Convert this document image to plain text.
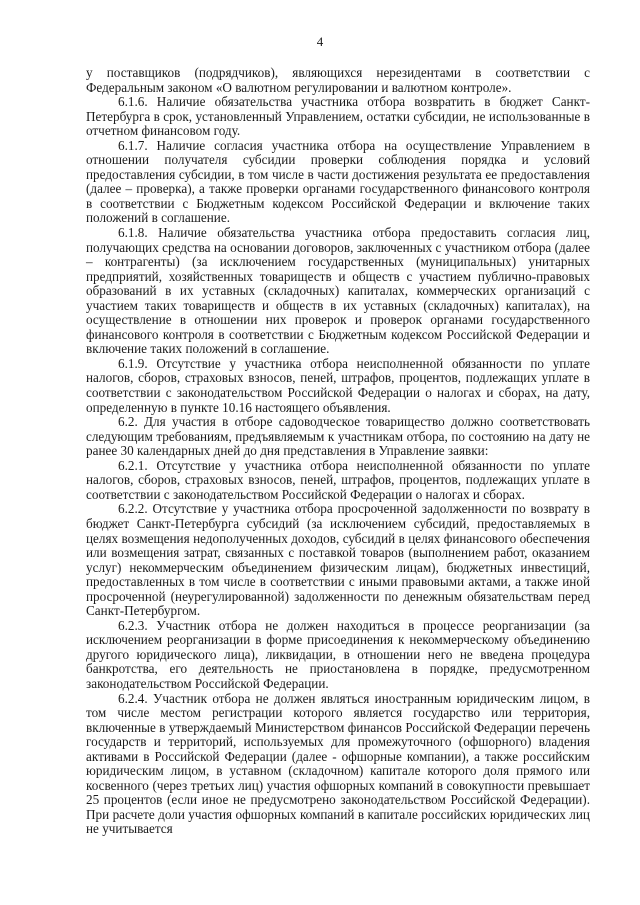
4

у поставщиков (подрядчиков), являющихся нерезидентами в соответствии с Федеральным законом «О валютном регулировании и валютном контроле».

6.1.6. Наличие обязательства участника отбора возвратить в бюджет Санкт-Петербурга в срок, установленный Управлением, остатки субсидии, не использованные в отчетном финансовом году.

6.1.7. Наличие согласия участника отбора на осуществление Управлением в отношении получателя субсидии проверки соблюдения порядка и условий предоставления субсидии, в том числе в части достижения результата ее предоставления (далее – проверка), а также проверки органами государственного финансового контроля в соответствии с Бюджетным кодексом Российской Федерации и включение таких положений в соглашение.

6.1.8. Наличие обязательства участника отбора предоставить согласия лиц, получающих средства на основании договоров, заключенных с участником отбора (далее – контрагенты) (за исключением государственных (муниципальных) унитарных предприятий, хозяйственных товариществ и обществ с участием публично-правовых образований в их уставных (складочных) капиталах, коммерческих организаций с участием таких товариществ и обществ в их уставных (складочных) капиталах), на осуществление в отношении них проверок и проверок органами государственного финансового контроля в соответствии с Бюджетным кодексом Российской Федерации и включение таких положений в соглашение.

6.1.9. Отсутствие у участника отбора неисполненной обязанности по уплате налогов, сборов, страховых взносов, пеней, штрафов, процентов, подлежащих уплате в соответствии с законодательством Российской Федерации о налогах и сборах, на дату, определенную в пункте 10.16 настоящего объявления.

6.2. Для участия в отборе садоводческое товарищество должно соответствовать следующим требованиям, предъявляемым к участникам отбора, по состоянию на дату не ранее 30 календарных дней до дня представления в Управление заявки:

6.2.1. Отсутствие у участника отбора неисполненной обязанности по уплате налогов, сборов, страховых взносов, пеней, штрафов, процентов, подлежащих уплате в соответствии с законодательством Российской Федерации о налогах и сборах.

6.2.2. Отсутствие у участника отбора просроченной задолженности по возврату в бюджет Санкт-Петербурга субсидий (за исключением субсидий, предоставляемых в целях возмещения недополученных доходов, субсидий в целях финансового обеспечения или возмещения затрат, связанных с поставкой товаров (выполнением работ, оказанием услуг) некоммерческим объединением физическим лицам), бюджетных инвестиций, предоставленных в том числе в соответствии с иными правовыми актами, а также иной просроченной (неурегулированной) задолженности по денежным обязательствам перед Санкт-Петербургом.

6.2.3. Участник отбора не должен находиться в процессе реорганизации (за исключением реорганизации в форме присоединения к некоммерческому объединению другого юридического лица), ликвидации, в отношении него не введена процедура банкротства, его деятельность не приостановлена в порядке, предусмотренном законодательством Российской Федерации.

6.2.4. Участник отбора не должен являться иностранным юридическим лицом, в том числе местом регистрации которого является государство или территория, включенные в утверждаемый Министерством финансов Российской Федерации перечень государств и территорий, используемых для промежуточного (офшорного) владения активами в Российской Федерации (далее - офшорные компании), а также российским юридическим лицом, в уставном (складочном) капитале которого доля прямого или косвенного (через третьих лиц) участия офшорных компаний в совокупности превышает 25 процентов (если иное не предусмотрено законодательством Российской Федерации). При расчете доли участия офшорных компаний в капитале российских юридических лиц не учитывается
